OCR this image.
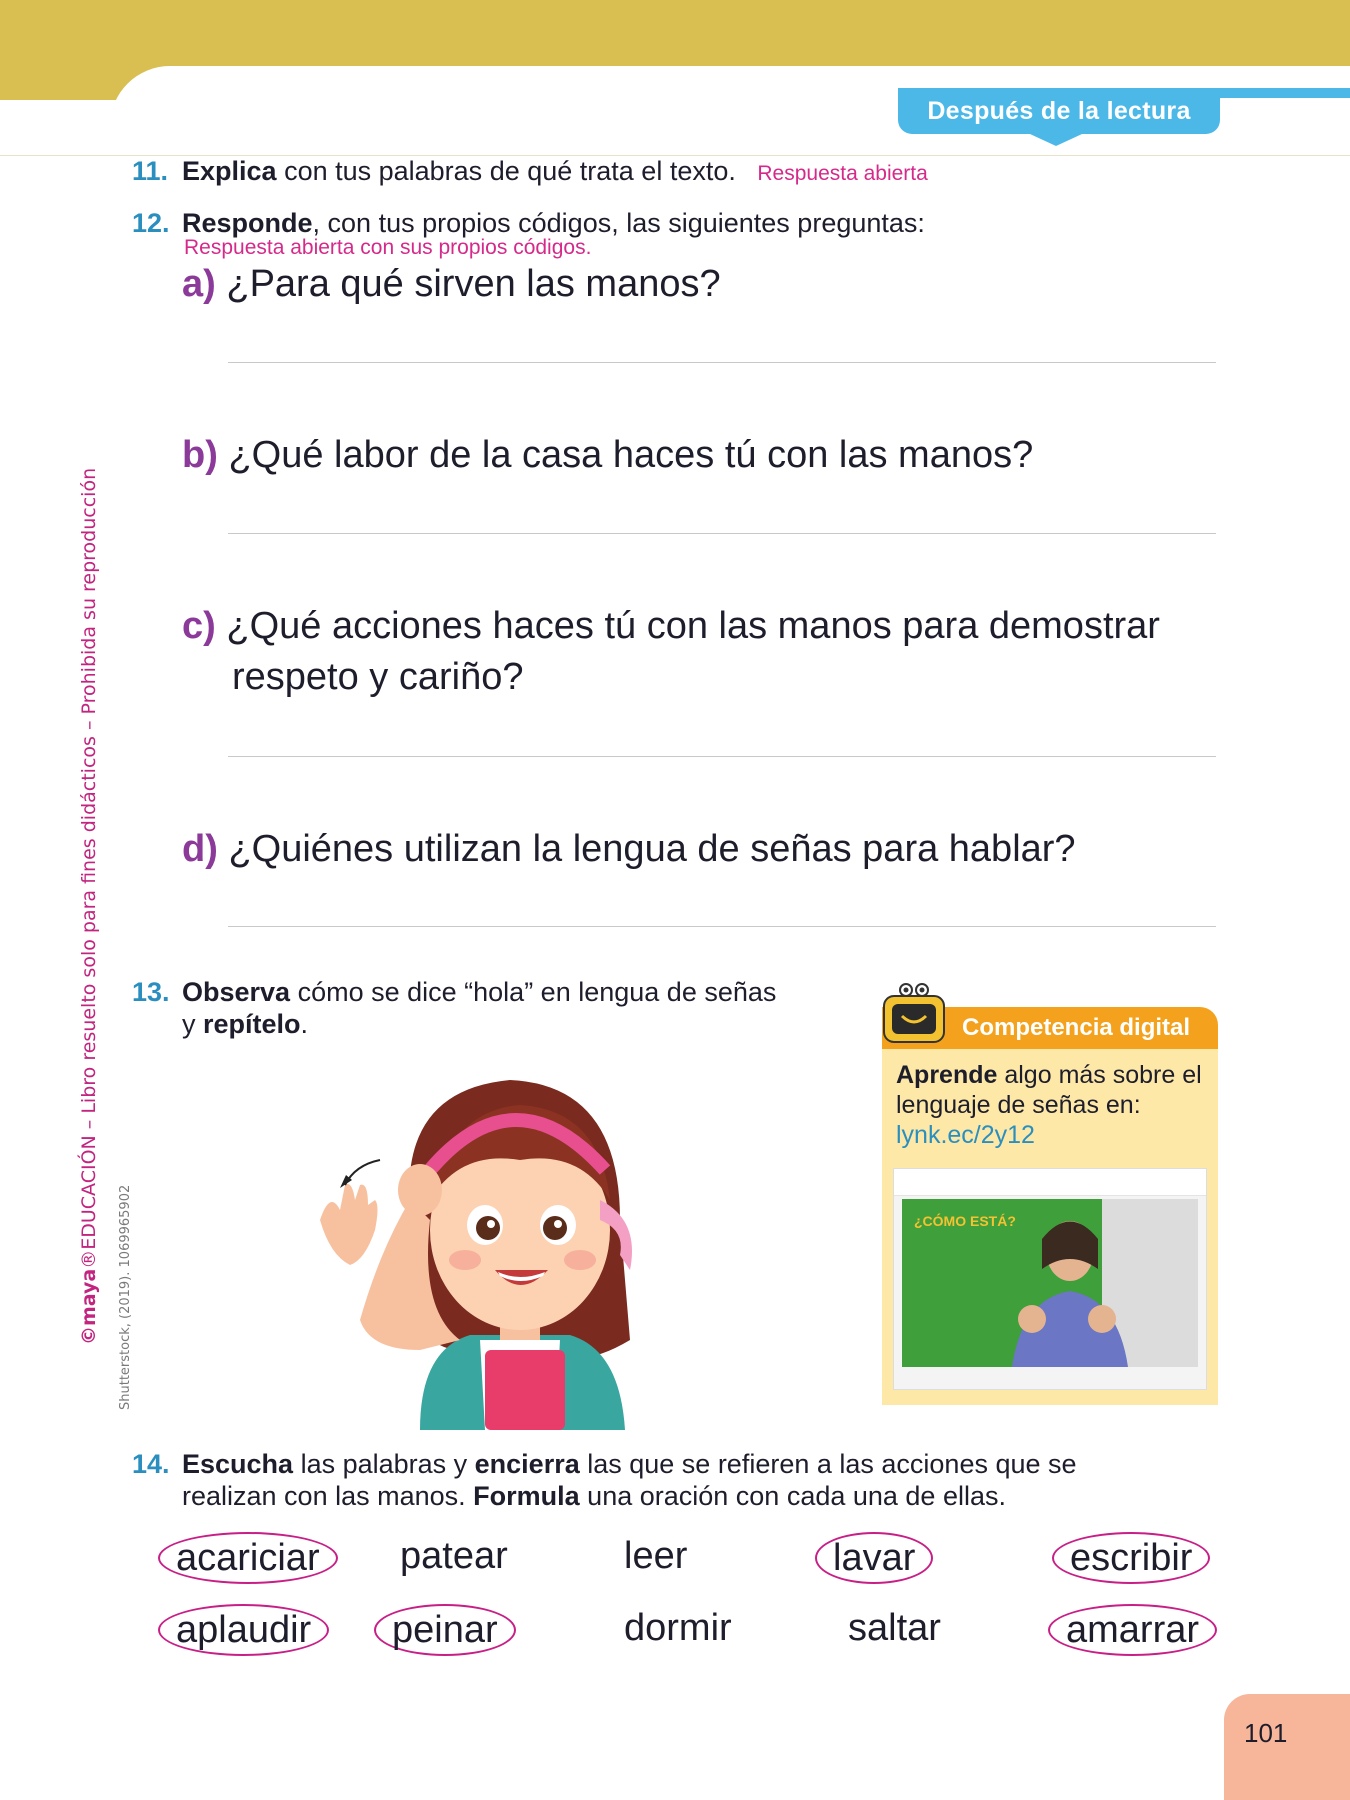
Después de la lectura
©maya®EDUCACIÓN – Libro resuelto solo para fines didácticos – Prohibida su reproducción
Shutterstock, (2019). 1069965902
11. Explica con tus palabras de qué trata el texto. Respuesta abierta
12. Responde, con tus propios códigos, las siguientes preguntas:
Respuesta abierta con sus propios códigos.
a) ¿Para qué sirven las manos?
b) ¿Qué labor de la casa haces tú con las manos?
c) ¿Qué acciones haces tú con las manos para demostrar
respeto y cariño?
d) ¿Quiénes utilizan la lengua de señas para hablar?
13. Observa cómo se dice “hola” en lengua de señas
y repítelo.	Competencia digital
Aprende algo más sobre el lenguaje de señas en:
lynk.ec/2y12
¿CÓMO ESTÁ?
14. Escucha las palabras y encierra las que se refieren a las acciones que se
realizan con las manos. Formula una oración con cada una de ellas.
acariciar	patear	leer	lavar	escribir
aplaudir	peinar	dormir	saltar	amarrar
101
